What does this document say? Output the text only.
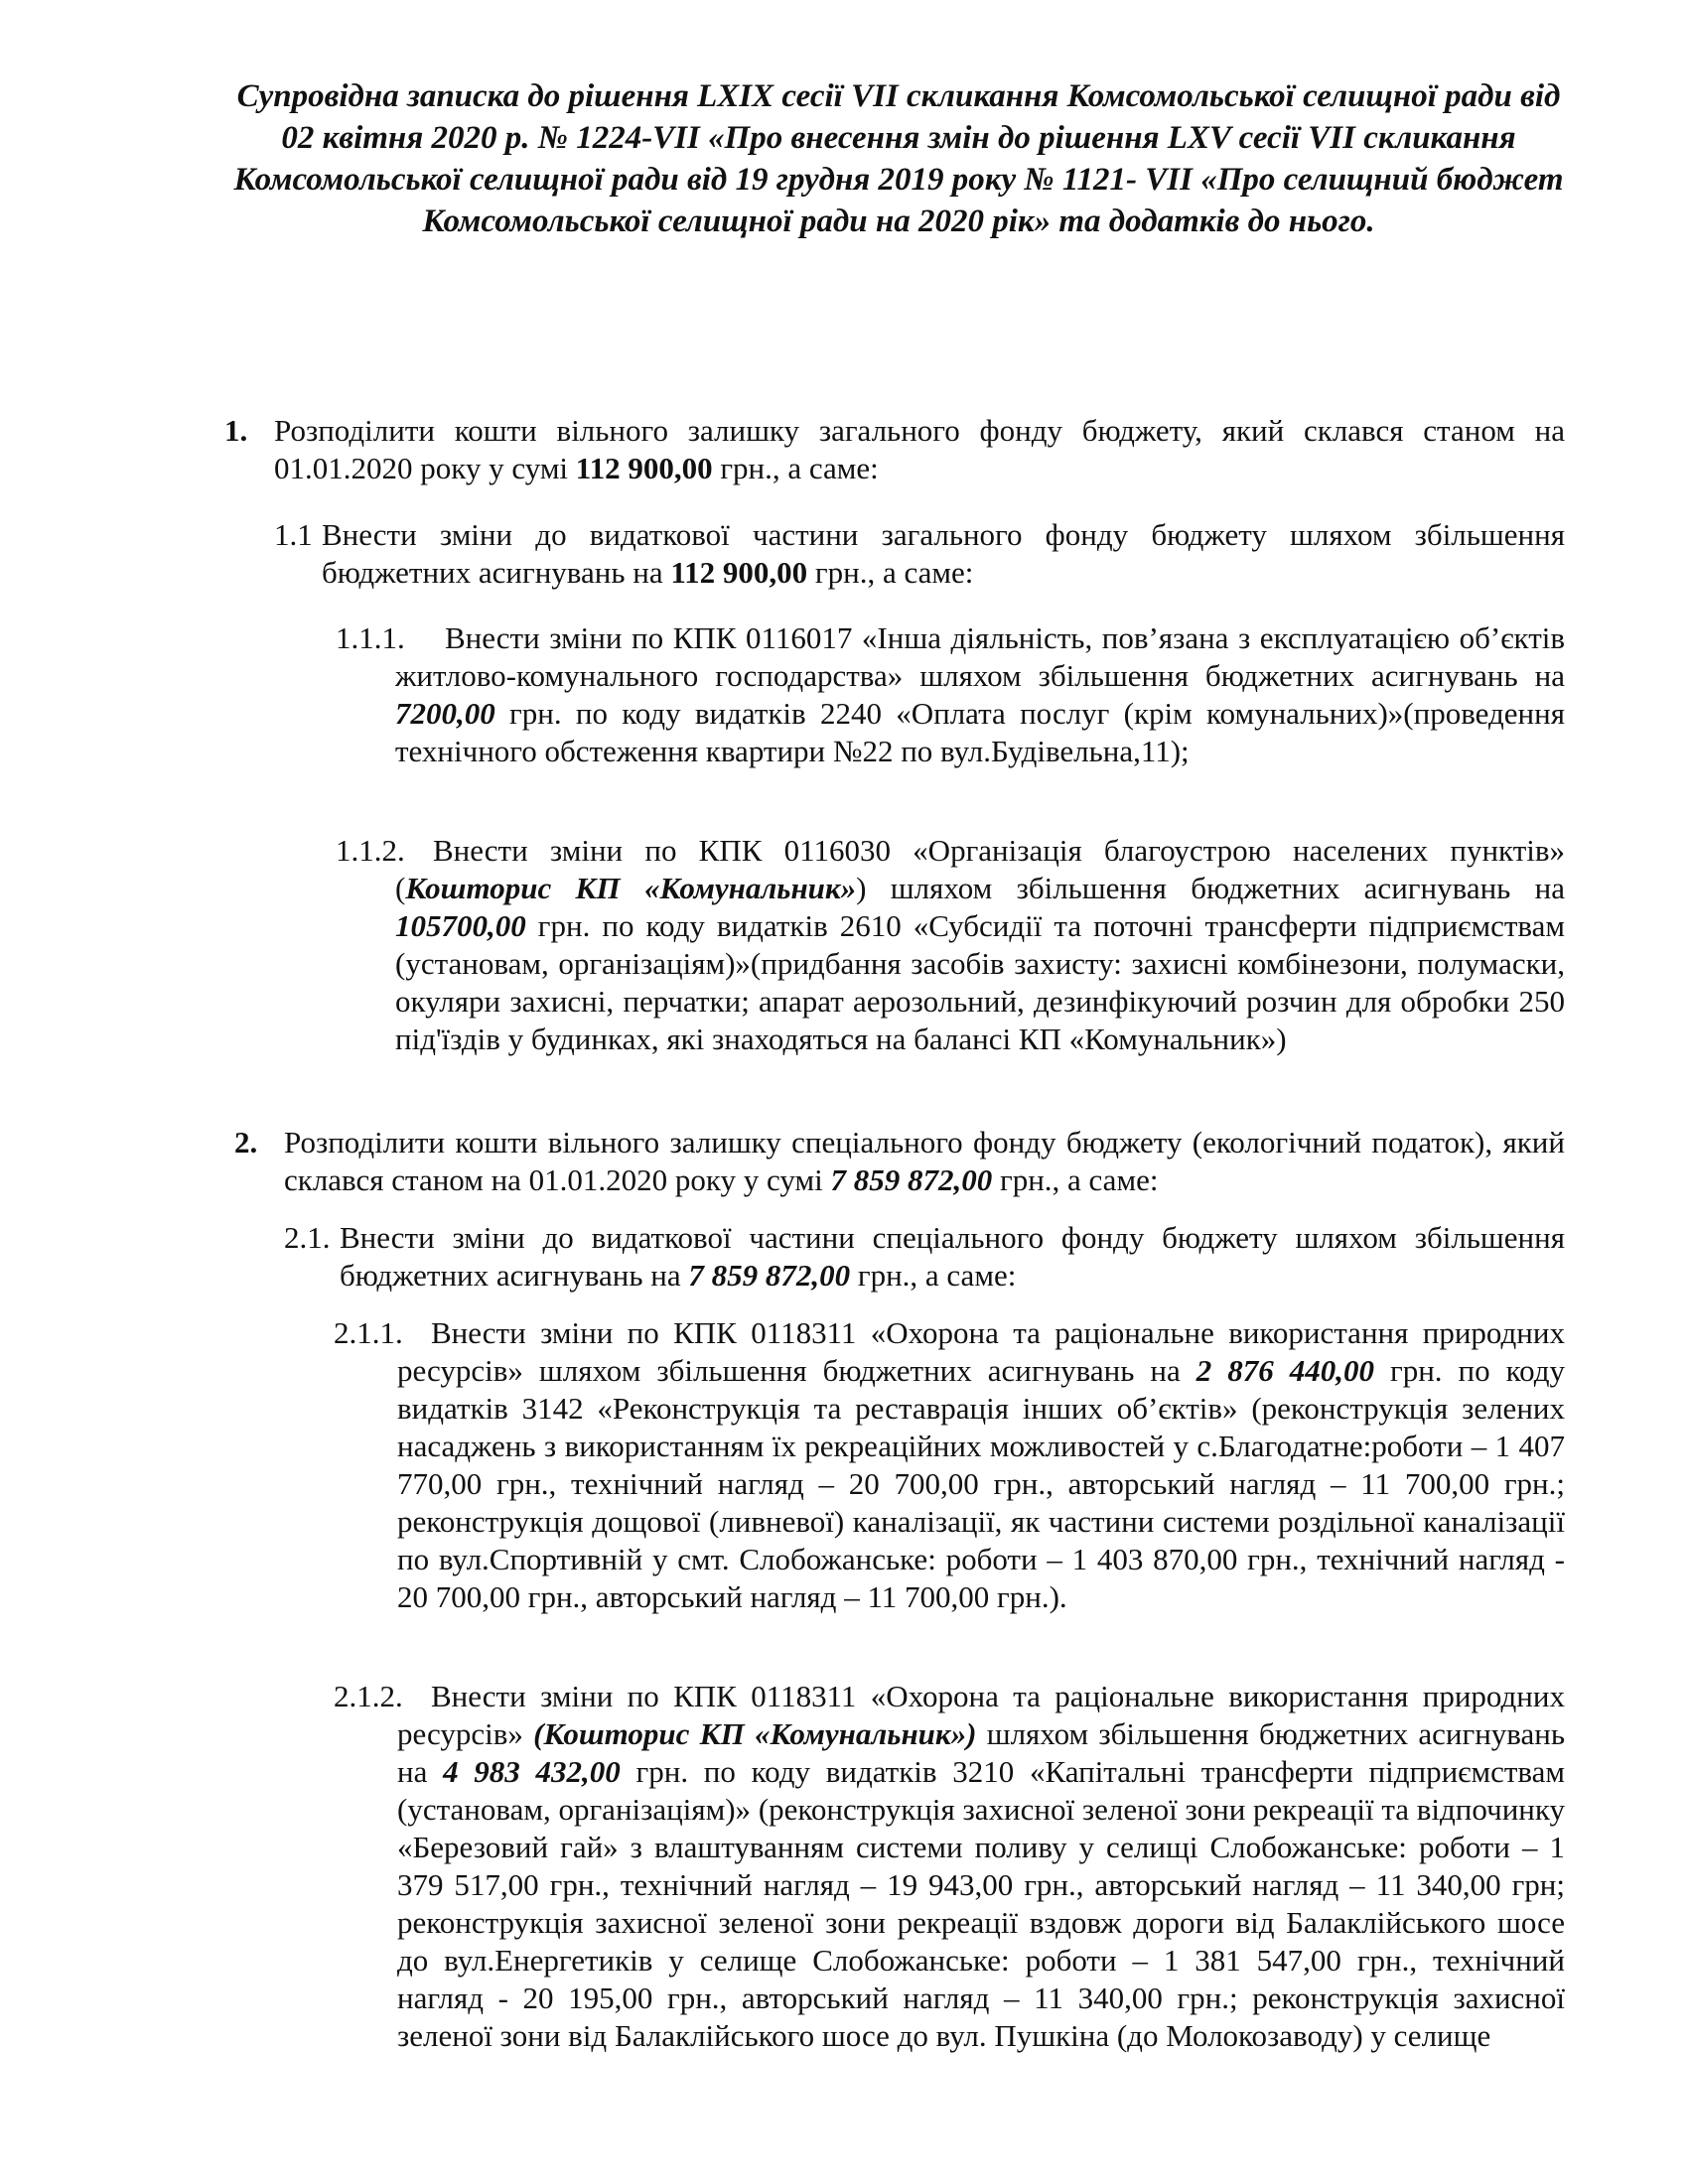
Супровідна записка до рішення LXIX сесії VII скликання Комсомольської селищної ради від 02 квітня 2020 р. № 1224-VII «Про внесення змін до рішення LXV сесії VII скликання Комсомольської селищної ради від 19 грудня 2019 року № 1121- VII «Про селищний бюджет Комсомольської селищної ради на 2020 рік» та додатків до нього.
1. Розподілити кошти вільного залишку загального фонду бюджету, який склався станом на 01.01.2020 року у сумі 112 900,00 грн., а саме:
1.1 Внести зміни до видаткової частини загального фонду бюджету шляхом збільшення бюджетних асигнувань на 112 900,00 грн., а саме:
1.1.1.	Внести зміни по КПК 0116017 «Інша діяльність, пов’язана з експлуатацією об’єктів житлово-комунального господарства» шляхом збільшення бюджетних асигнувань на 7200,00 грн. по коду видатків 2240 «Оплата послуг (крім комунальних)»(проведення технічного обстеження квартири №22 по вул.Будівельна,11);
1.1.2. Внести зміни по КПК 0116030 «Організація благоустрою населених пунктів» (Кошторис КП «Комунальник») шляхом збільшення бюджетних асигнувань на 105700,00 грн. по коду видатків 2610 «Субсидії та поточні трансферти підприємствам (установам, організаціям)»(придбання засобів захисту: захисні комбінезони, полумаски, окуляри захисні, перчатки; апарат аерозольний, дезинфікуючий розчин для обробки 250 під'їздів у будинках, які знаходяться на балансі КП «Комунальник»)
2. Розподілити кошти вільного залишку спеціального фонду бюджету (екологічний податок), який склався станом на 01.01.2020 року у сумі 7 859 872,00 грн., а саме:
2.1. Внести зміни до видаткової частини спеціального фонду бюджету шляхом збільшення бюджетних асигнувань на 7 859 872,00 грн., а саме:
2.1.1. Внести зміни по КПК 0118311 «Охорона та раціональне використання природних ресурсів» шляхом збільшення бюджетних асигнувань на 2 876 440,00 грн. по коду видатків 3142 «Реконструкція та реставрація інших об’єктів» (реконструкція зелених насаджень з використанням їх рекреаційних можливостей у с.Благодатне:роботи – 1 407 770,00 грн., технічний нагляд – 20 700,00 грн., авторський нагляд – 11 700,00 грн.; реконструкція дощової (ливневої) каналізації, як частини системи роздільної каналізації по вул.Спортивній у смт. Слобожанське: роботи – 1 403 870,00 грн., технічний нагляд - 20 700,00 грн., авторський нагляд – 11 700,00 грн.).
2.1.2. Внести зміни по КПК 0118311 «Охорона та раціональне використання природних ресурсів» (Кошторис КП «Комунальник») шляхом збільшення бюджетних асигнувань на 4 983 432,00 грн. по коду видатків 3210 «Капітальні трансферти підприємствам (установам, організаціям)» (реконструкція захисної зеленої зони рекреації та відпочинку «Березовий гай» з влаштуванням системи поливу у селищі Слобожанське: роботи – 1 379 517,00 грн., технічний нагляд – 19 943,00 грн., авторський нагляд – 11 340,00 грн; реконструкція захисної зеленої зони рекреації вздовж дороги від Балаклійського шосе до вул.Енергетиків у селище Слобожанське: роботи – 1 381 547,00 грн., технічний нагляд - 20 195,00 грн., авторський нагляд – 11 340,00 грн.; реконструкція захисної зеленої зони від Балаклійського шосе до вул. Пушкіна (до Молокозаводу) у селище
